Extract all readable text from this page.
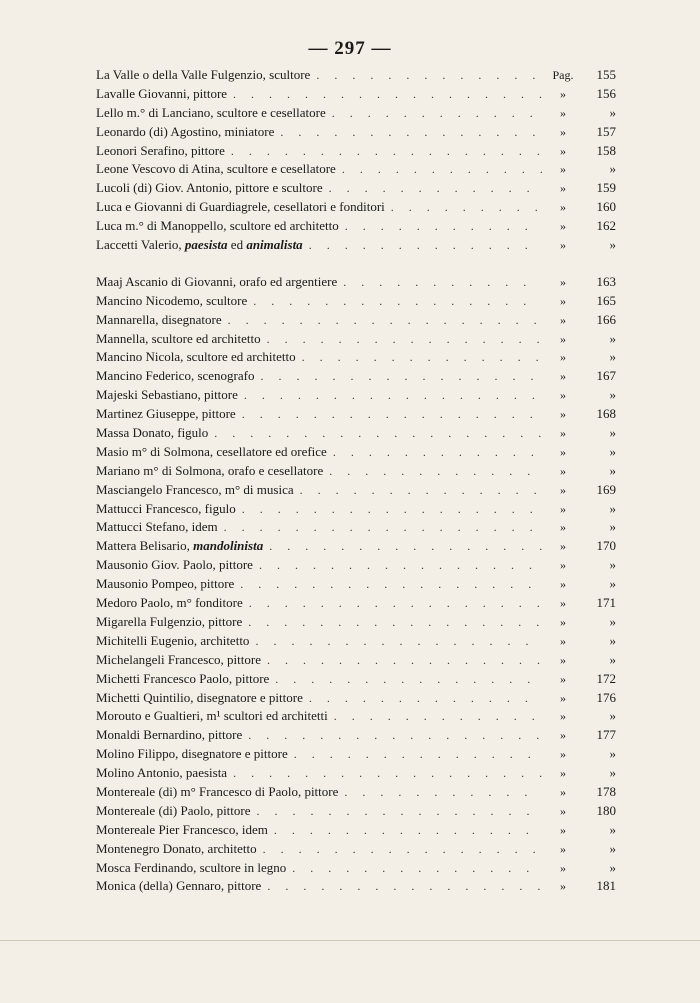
— 297 —
La Valle o della Valle Fulgenzio, scultore . . .	Pag.	155
Lavalle Giovanni, pittore . . .	»	156
Lello m.° di Lanciano, scultore e cesellatore . . .	»	»
Leonardo (di) Agostino, miniatore . . .	»	157
Leonori Serafino, pittore . . .	»	158
Leone Vescovo di Atina, scultore e cesellatore . . .	»	»
Lucoli (di) Giov. Antonio, pittore e scultore . . .	»	159
Luca e Giovanni di Guardiagrele, cesellatori e fonditori . . .	»	160
Luca m.° di Manoppello, scultore ed architetto . . .	»	162
Laccetti Valerio, paesista ed animalista . . .	»	»
Maaj Ascanio di Giovanni, orafo ed argentiere . . .	»	163
Mancino Nicodemo, scultore . . .	»	165
Mannarella, disegnatore . . .	»	166
Mannella, scultore ed architetto . . .	»	»
Mancino Nicola, scultore ed architetto . . .	»	»
Mancino Federico, scenografo . . .	»	167
Majeski Sebastiano, pittore . . .	»	»
Martinez Giuseppe, pittore . . .	»	168
Massa Donato, figulo . . .	»	»
Masio m° di Solmona, cesellatore ed orefice . . .	»	»
Mariano m° di Solmona, orafo e cesellatore . . .	»	»
Masciangelo Francesco, m° di musica . . .	»	169
Mattucci Francesco, figulo . . .	»	»
Mattucci Stefano, idem . . .	»	»
Mattera Belisario, mandolinista . . .	»	170
Mausonio Giov. Paolo, pittore . . .	»	»
Mausonio Pompeo, pittore . . .	»	»
Medoro Paolo, m° fonditore . . .	»	171
Migarella Fulgenzio, pittore . . .	»	»
Michitelli Eugenio, architetto . . .	»	»
Michelangeli Francesco, pittore . . .	»	»
Michetti Francesco Paolo, pittore . . .	»	172
Michetti Quintilio, disegnatore e pittore . . .	»	176
Morouto e Gualtieri, m¹ scultori ed architetti . . .	»	»
Monaldi Bernardino, pittore . . .	»	177
Molino Filippo, disegnatore e pittore . . .	»	»
Molino Antonio, paesista . . .	»	»
Montereale (di) m° Francesco di Paolo, pittore . . .	»	178
Montereale (di) Paolo, pittore . . .	»	180
Montereale Pier Francesco, idem . . .	»	»
Montenegro Donato, architetto . . .	»	»
Mosca Ferdinando, scultore in legno . . .	»	»
Monica (della) Gennaro, pittore . . .	»	181
